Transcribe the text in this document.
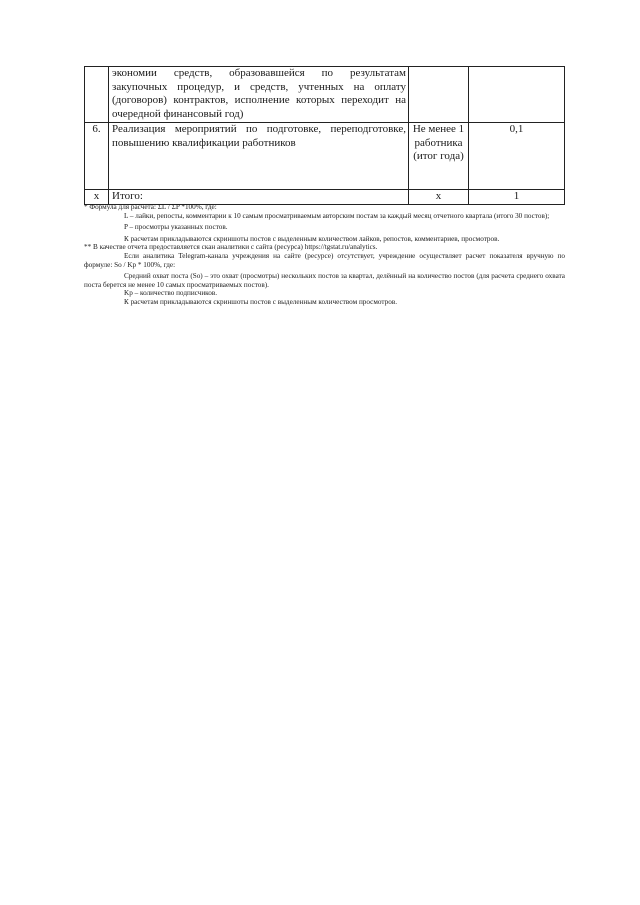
	экономии средств, образовавшейся по результатам закупочных процедур, и средств, учтенных на оплату (договоров) контрактов, исполнение которых переходит на очередной финансовый год)		
6.	Реализация мероприятий по подготовке, переподготовке, повышению квалификации работников	Не менее 1 работника (итог года)	0,1
x	Итого:	x	1

* Формула для расчета: ΣL / ΣP *100%, где:

L – лайки, репосты, комментарии к 10 самым просматриваемым авторским постам за каждый месяц отчетного квартала (итого 30 постов);

P – просмотры указанных постов.

К расчетам прикладываются скриншоты постов с выделенным количеством лайков, репостов, комментариев, просмотров.

** В качестве отчета предоставляется скан аналитики с сайта (ресурса) https://tgstat.ru/analytics.

Если аналитика Telegram-канала учреждения на сайте (ресурсе) отсутствует, учреждение осуществляет расчет показателя вручную по формуле: So / Kp * 100%, где:

Средний охват поста (So) – это охват (просмотры) нескольких постов за квартал, делённый на количество постов (для расчета среднего охвата поста берется не менее 10 самых просматриваемых постов).

Kp – количество подписчиков.

К расчетам прикладываются скриншоты постов с выделенным количеством просмотров.
